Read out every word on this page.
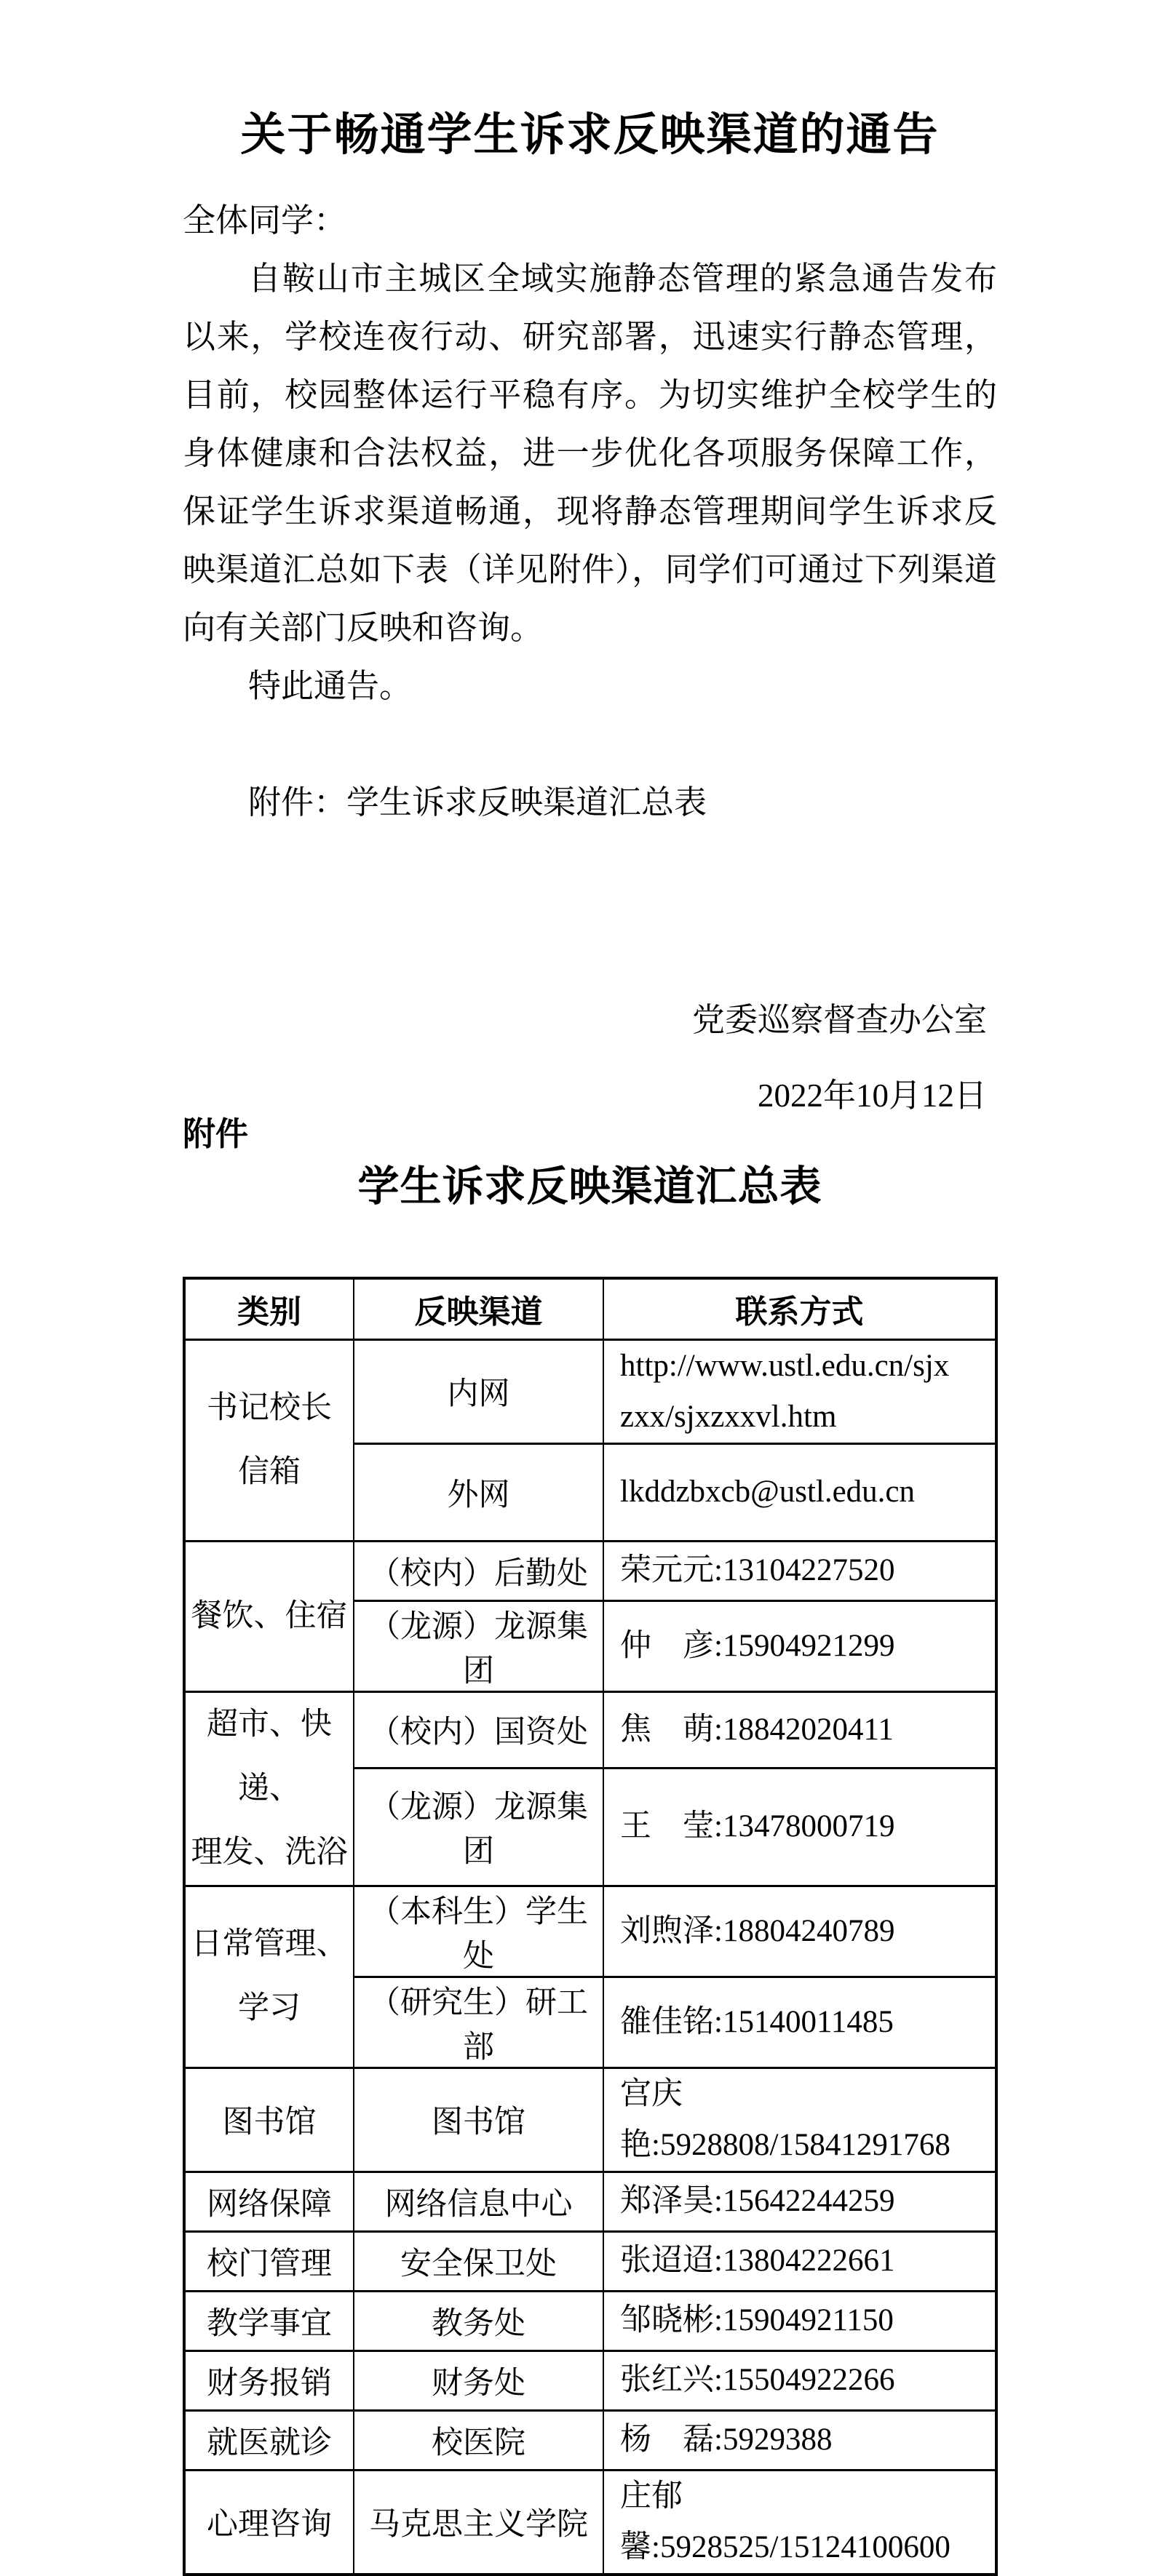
关于畅通学生诉求反映渠道的通告
全体同学：

自鞍山市主城区全域实施静态管理的紧急通告发布以来，学校连夜行动、研究部署，迅速实行静态管理，目前，校园整体运行平稳有序。为切实维护全校学生的身体健康和合法权益，进一步优化各项服务保障工作，保证学生诉求渠道畅通，现将静态管理期间学生诉求反映渠道汇总如下表（详见附件），同学们可通过下列渠道向有关部门反映和咨询。

特此通告。

附件：学生诉求反映渠道汇总表

党委巡察督查办公室
2022年10月12日
附件
学生诉求反映渠道汇总表
类别	反映渠道	联系方式

书记校长
信箱	内网	http://www.ustl.edu.cn/sjx
zxx/sjxzxxvl.htm

	外网	lkddzbxcb@ustl.edu.cn

餐饮、住宿	（校内）后勤处	荣元元:13104227520

	（龙源）龙源集团	仲　彦:15904921299

超市、快递、
理发、洗浴	（校内）国资处	焦　萌:18842020411

	（龙源）龙源集团	王　莹:13478000719

日常管理、
学习	（本科生）学生处	刘煦泽:18804240789

	（研究生）研工部	雒佳铭:15140011485

图书馆	图书馆	宫庆艳:5928808/15841291768

网络保障	网络信息中心	郑泽昊:15642244259

校门管理	安全保卫处	张迢迢:13804222661

教学事宜	教务处	邹晓彬:15904921150

财务报销	财务处	张红兴:15504922266

就医就诊	校医院	杨　磊:5929388

心理咨询	马克思主义学院	庄郁馨:5928525/15124100600
